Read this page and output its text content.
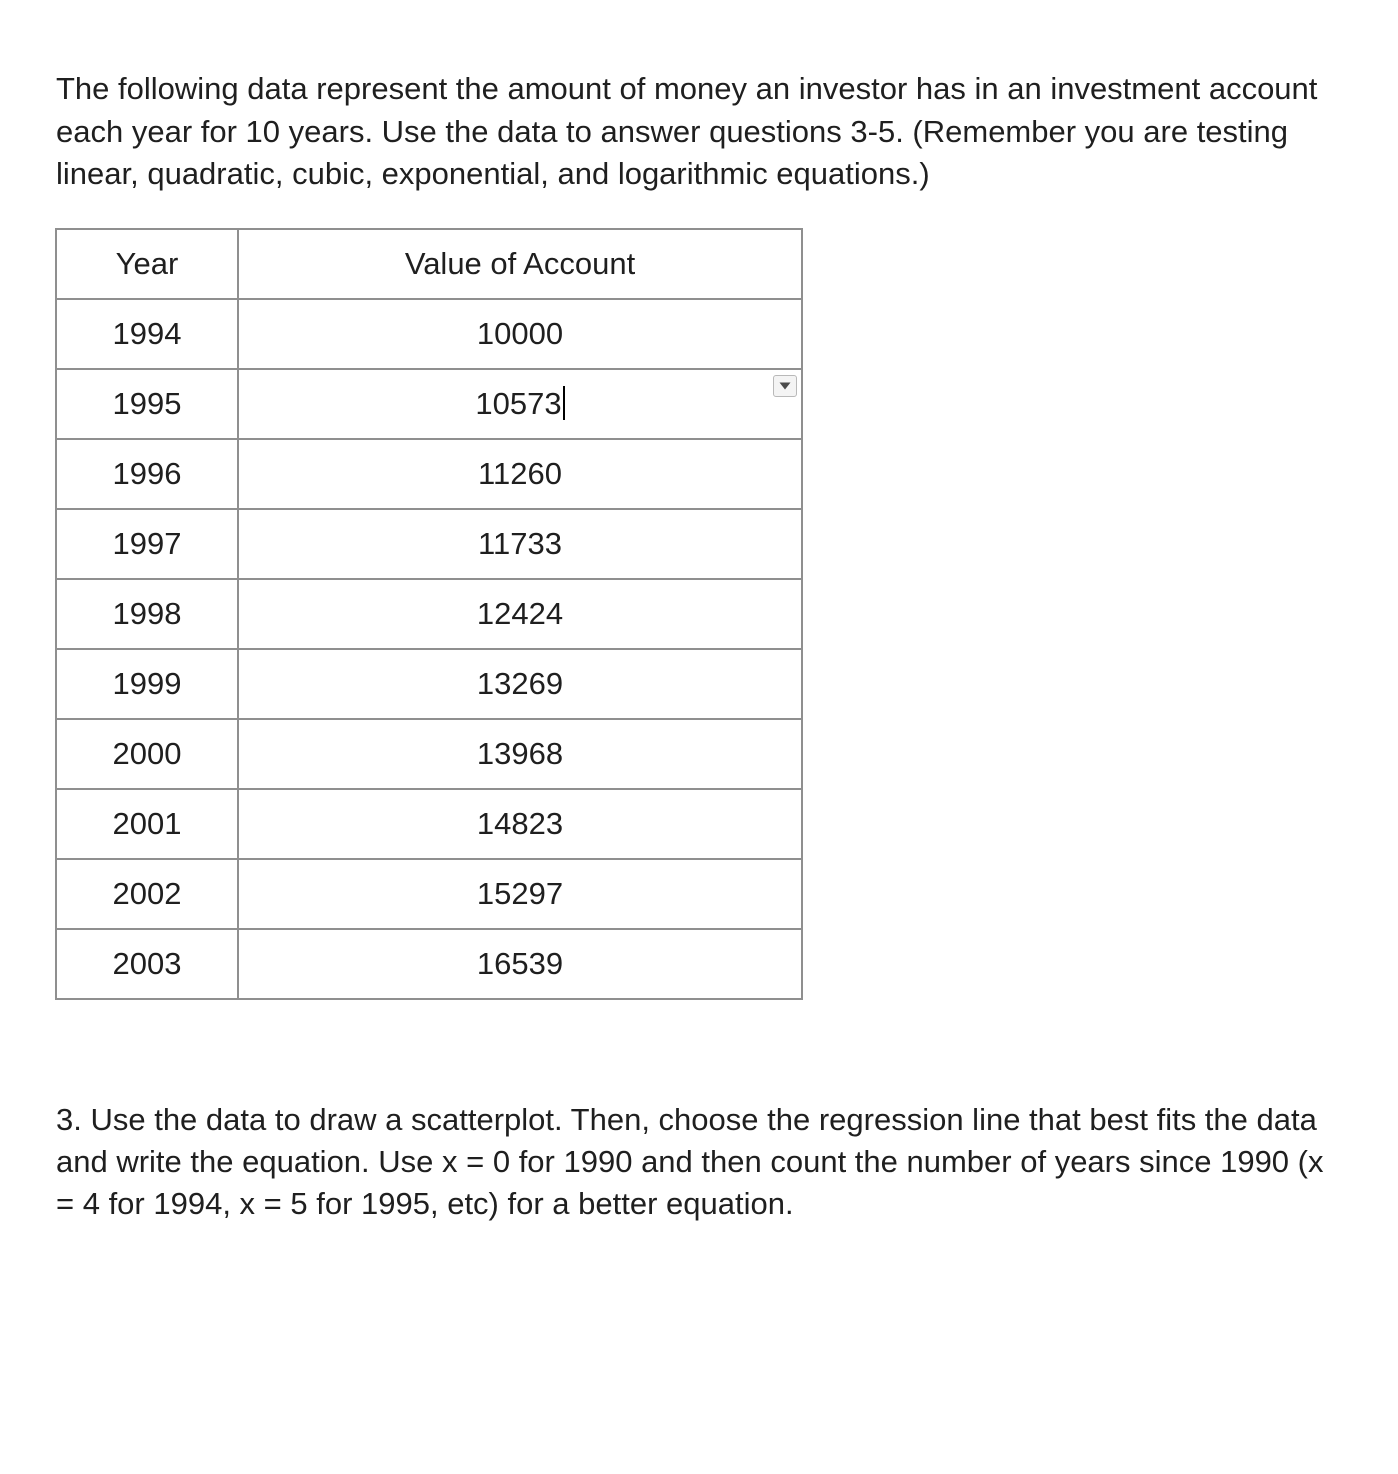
The following data represent the amount of money an investor has in an investment account each year for 10 years. Use the data to answer questions 3-5. (Remember you are testing linear, quadratic, cubic, exponential, and logarithmic equations.)

Year	Value of Account
1994	10000
1995	10573

1996	11260
1997	11733
1998	12424
1999	13269
2000	13968
2001	14823
2002	15297
2003	16539

3. Use the data to draw a scatterplot. Then, choose the regression line that best fits the data and write the equation. Use x = 0 for 1990 and then count the number of years since 1990 (x = 4 for 1994, x = 5 for 1995, etc) for a better equation.
